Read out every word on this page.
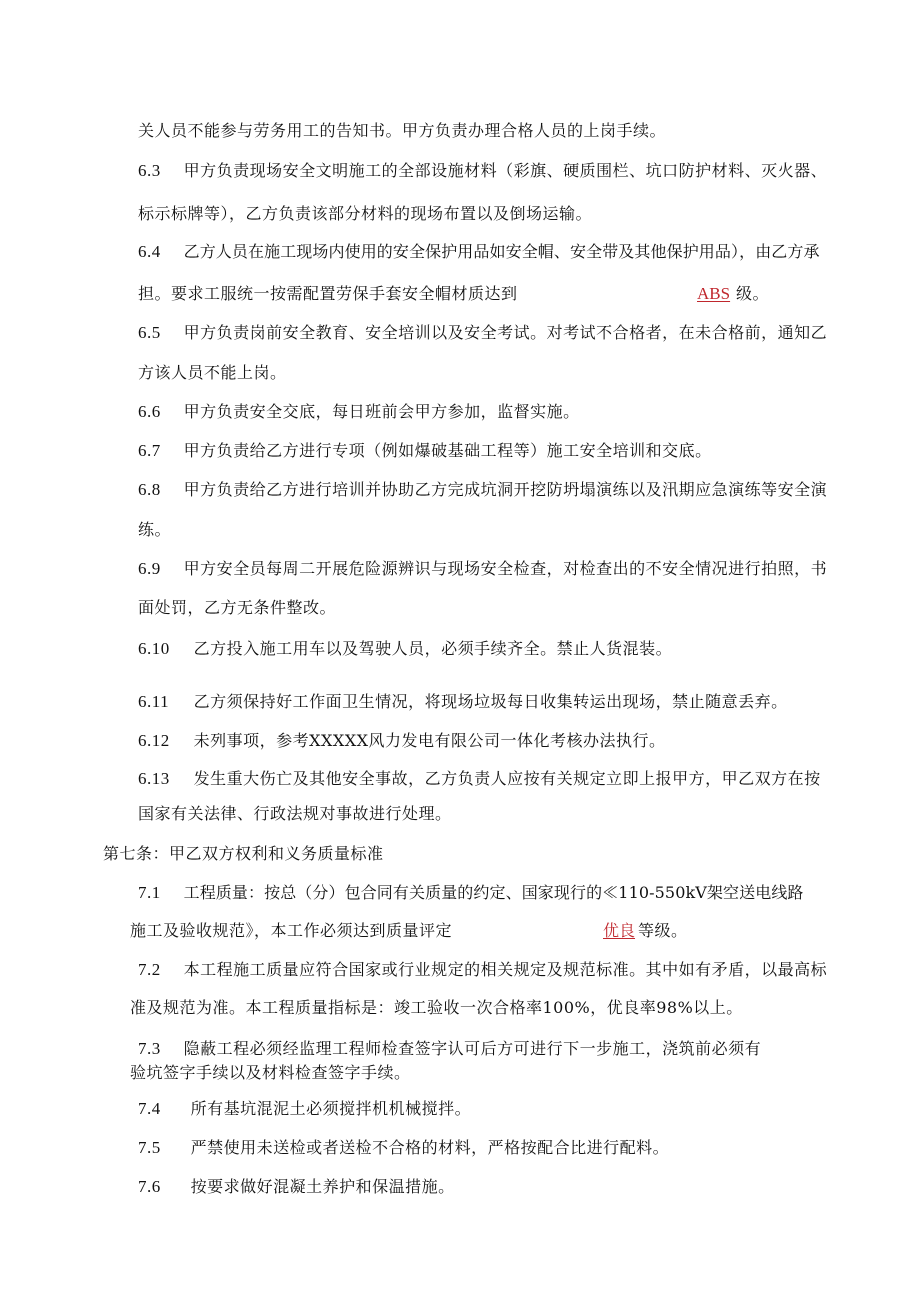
关人员不能参与劳务用工的告知书。甲方负责办理合格人员的上岗手续。
6.3 甲方负责现场安全文明施工的全部设施材料（彩旗、硬质围栏、坑口防护材料、灭火器、
标示标牌等），乙方负责该部分材料的现场布置以及倒场运输。
6.4 乙方人员在施工现场内使用的安全保护用品如安全帽、安全带及其他保护用品），由乙方承
担。要求工服统一按需配置劳保手套安全帽材质达到	ABS 级。
6.5 甲方负责岗前安全教育、安全培训以及安全考试。对考试不合格者，在未合格前，通知乙
方该人员不能上岗。
6.6 甲方负责安全交底，每日班前会甲方参加，监督实施。
6.7 甲方负责给乙方进行专项（例如爆破基础工程等）施工安全培训和交底。
6.8 甲方负责给乙方进行培训并协助乙方完成坑洞开挖防坍塌演练以及汛期应急演练等安全演
练。
6.9 甲方安全员每周二开展危险源辨识与现场安全检查，对检查出的不安全情况进行拍照，书
面处罚，乙方无条件整改。
6.10 乙方投入施工用车以及驾驶人员，必须手续齐全。禁止人货混装。
6.11 乙方须保持好工作面卫生情况，将现场垃圾每日收集转运出现场，禁止随意丢弃。
6.12 未列事项，参考XXXXX风力发电有限公司一体化考核办法执行。
6.13 发生重大伤亡及其他安全事故，乙方负责人应按有关规定立即上报甲方，甲乙双方在按
国家有关法律、行政法规对事故进行处理。
第七条：甲乙双方权利和义务质量标准
7.1 工程质量：按总（分）包合同有关质量的约定、国家现行的≪110-550kV架空送电线路
施工及验收规范》，本工作必须达到质量评定	优良 等级。
7.2 本工程施工质量应符合国家或行业规定的相关规定及规范标准。其中如有矛盾，以最高标
准及规范为准。本工程质量指标是：竣工验收一次合格率100%，优良率98%以上。
7.3 隐蔽工程必须经监理工程师检查签字认可后方可进行下一步施工，浇筑前必须有
验坑签字手续以及材料检查签字手续。
7.4 所有基坑混泥土必须搅拌机机械搅拌。
7.5 严禁使用未送检或者送检不合格的材料，严格按配合比进行配料。
7.6 按要求做好混凝土养护和保温措施。
